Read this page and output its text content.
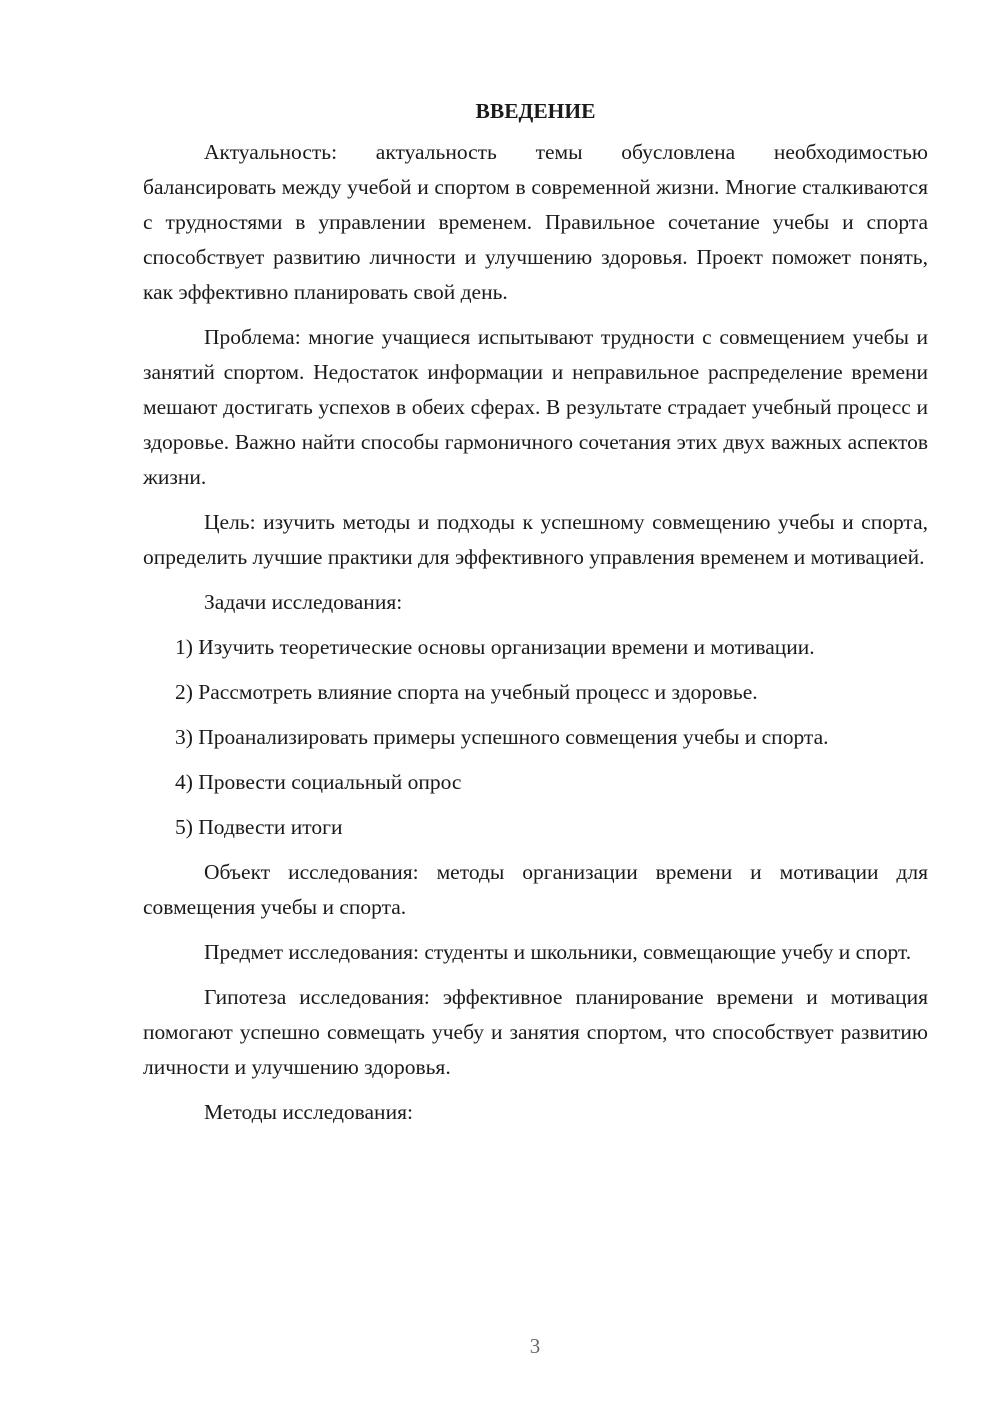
ВВЕДЕНИЕ

Актуальность: актуальность темы обусловлена необходимостью балансировать между учебой и спортом в современной жизни. Многие сталкиваются с трудностями в управлении временем. Правильное сочетание учебы и спорта способствует развитию личности и улучшению здоровья. Проект поможет понять, как эффективно планировать свой день.

Проблема: многие учащиеся испытывают трудности с совмещением учебы и занятий спортом. Недостаток информации и неправильное распределение времени мешают достигать успехов в обеих сферах. В результате страдает учебный процесс и здоровье. Важно найти способы гармоничного сочетания этих двух важных аспектов жизни.

Цель: изучить методы и подходы к успешному совмещению учебы и спорта, определить лучшие практики для эффективного управления временем и мотивацией.

Задачи исследования:

1) Изучить теоретические основы организации времени и мотивации.

2) Рассмотреть влияние спорта на учебный процесс и здоровье.

3) Проанализировать примеры успешного совмещения учебы и спорта.

4) Провести социальный опрос

5) Подвести итоги

Объект исследования: методы организации времени и мотивации для совмещения учебы и спорта.

Предмет исследования: студенты и школьники, совмещающие учебу и спорт.

Гипотеза исследования: эффективное планирование времени и мотивация помогают успешно совмещать учебу и занятия спортом, что способствует развитию личности и улучшению здоровья.

Методы исследования:

3
